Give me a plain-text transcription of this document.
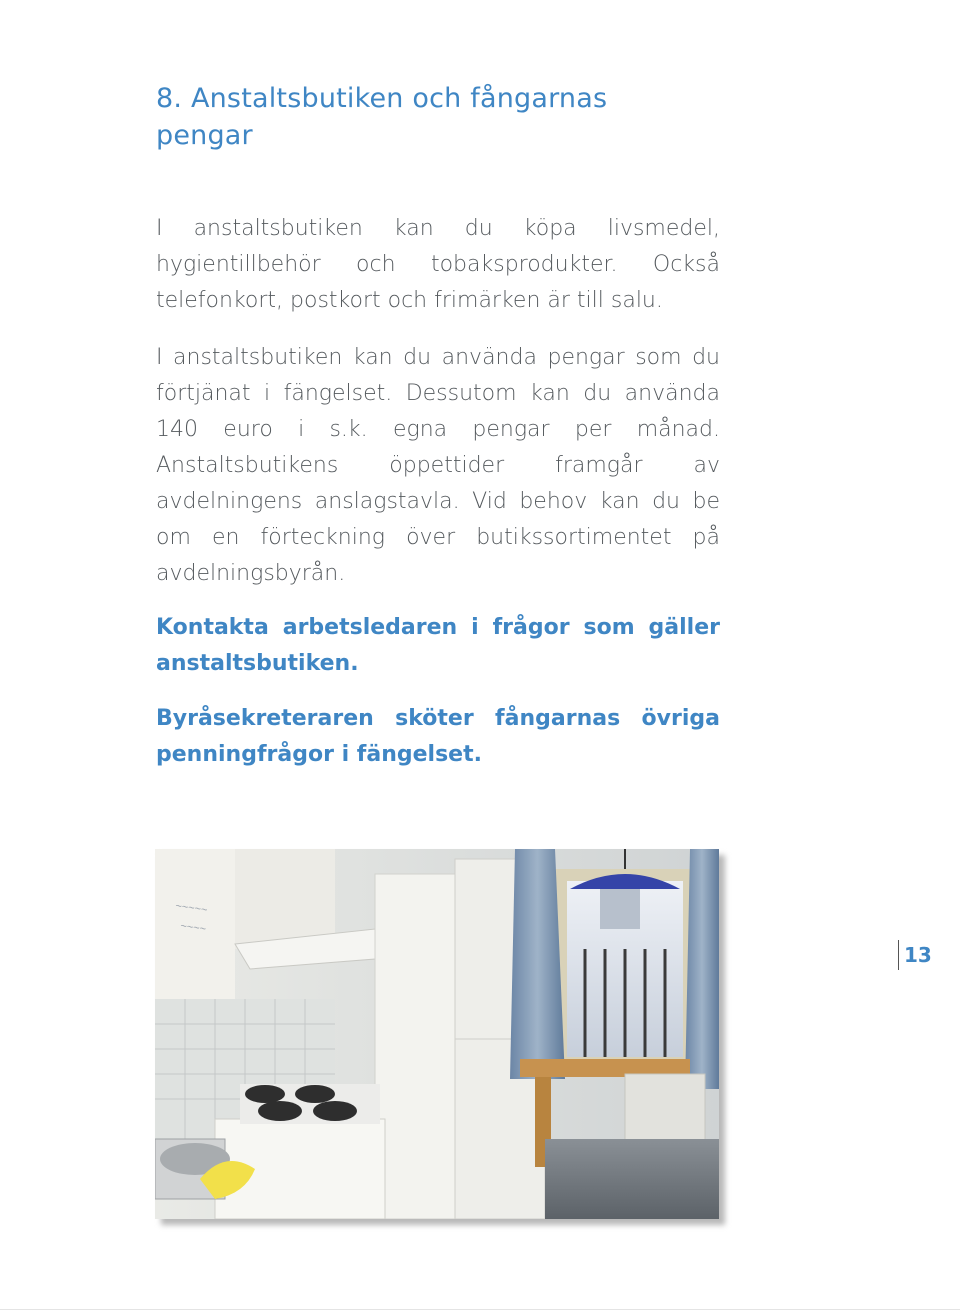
8. Anstaltsbutiken och fångarnas pengar

I anstaltsbutiken kan du köpa livsmedel, hygientillbehör och tobaksprodukter. Också telefonkort, postkort och frimärken är till salu.

I anstaltsbutiken kan du använda pengar som du förtjänat i fängelset. Dessutom kan du använda 140 euro i s.k. egna pengar per månad. Anstaltsbutikens öppettider framgår av avdelningens anslagstavla. Vid behov kan du be om en förteckning över butikssortimentet på avdelningsbyrån.

Kontakta arbetsledaren i frågor som gäller anstaltsbutiken.

Byråsekreteraren sköter fångarnas övriga penningfrågor i fängelset.

~~~~~
~~~~
13
